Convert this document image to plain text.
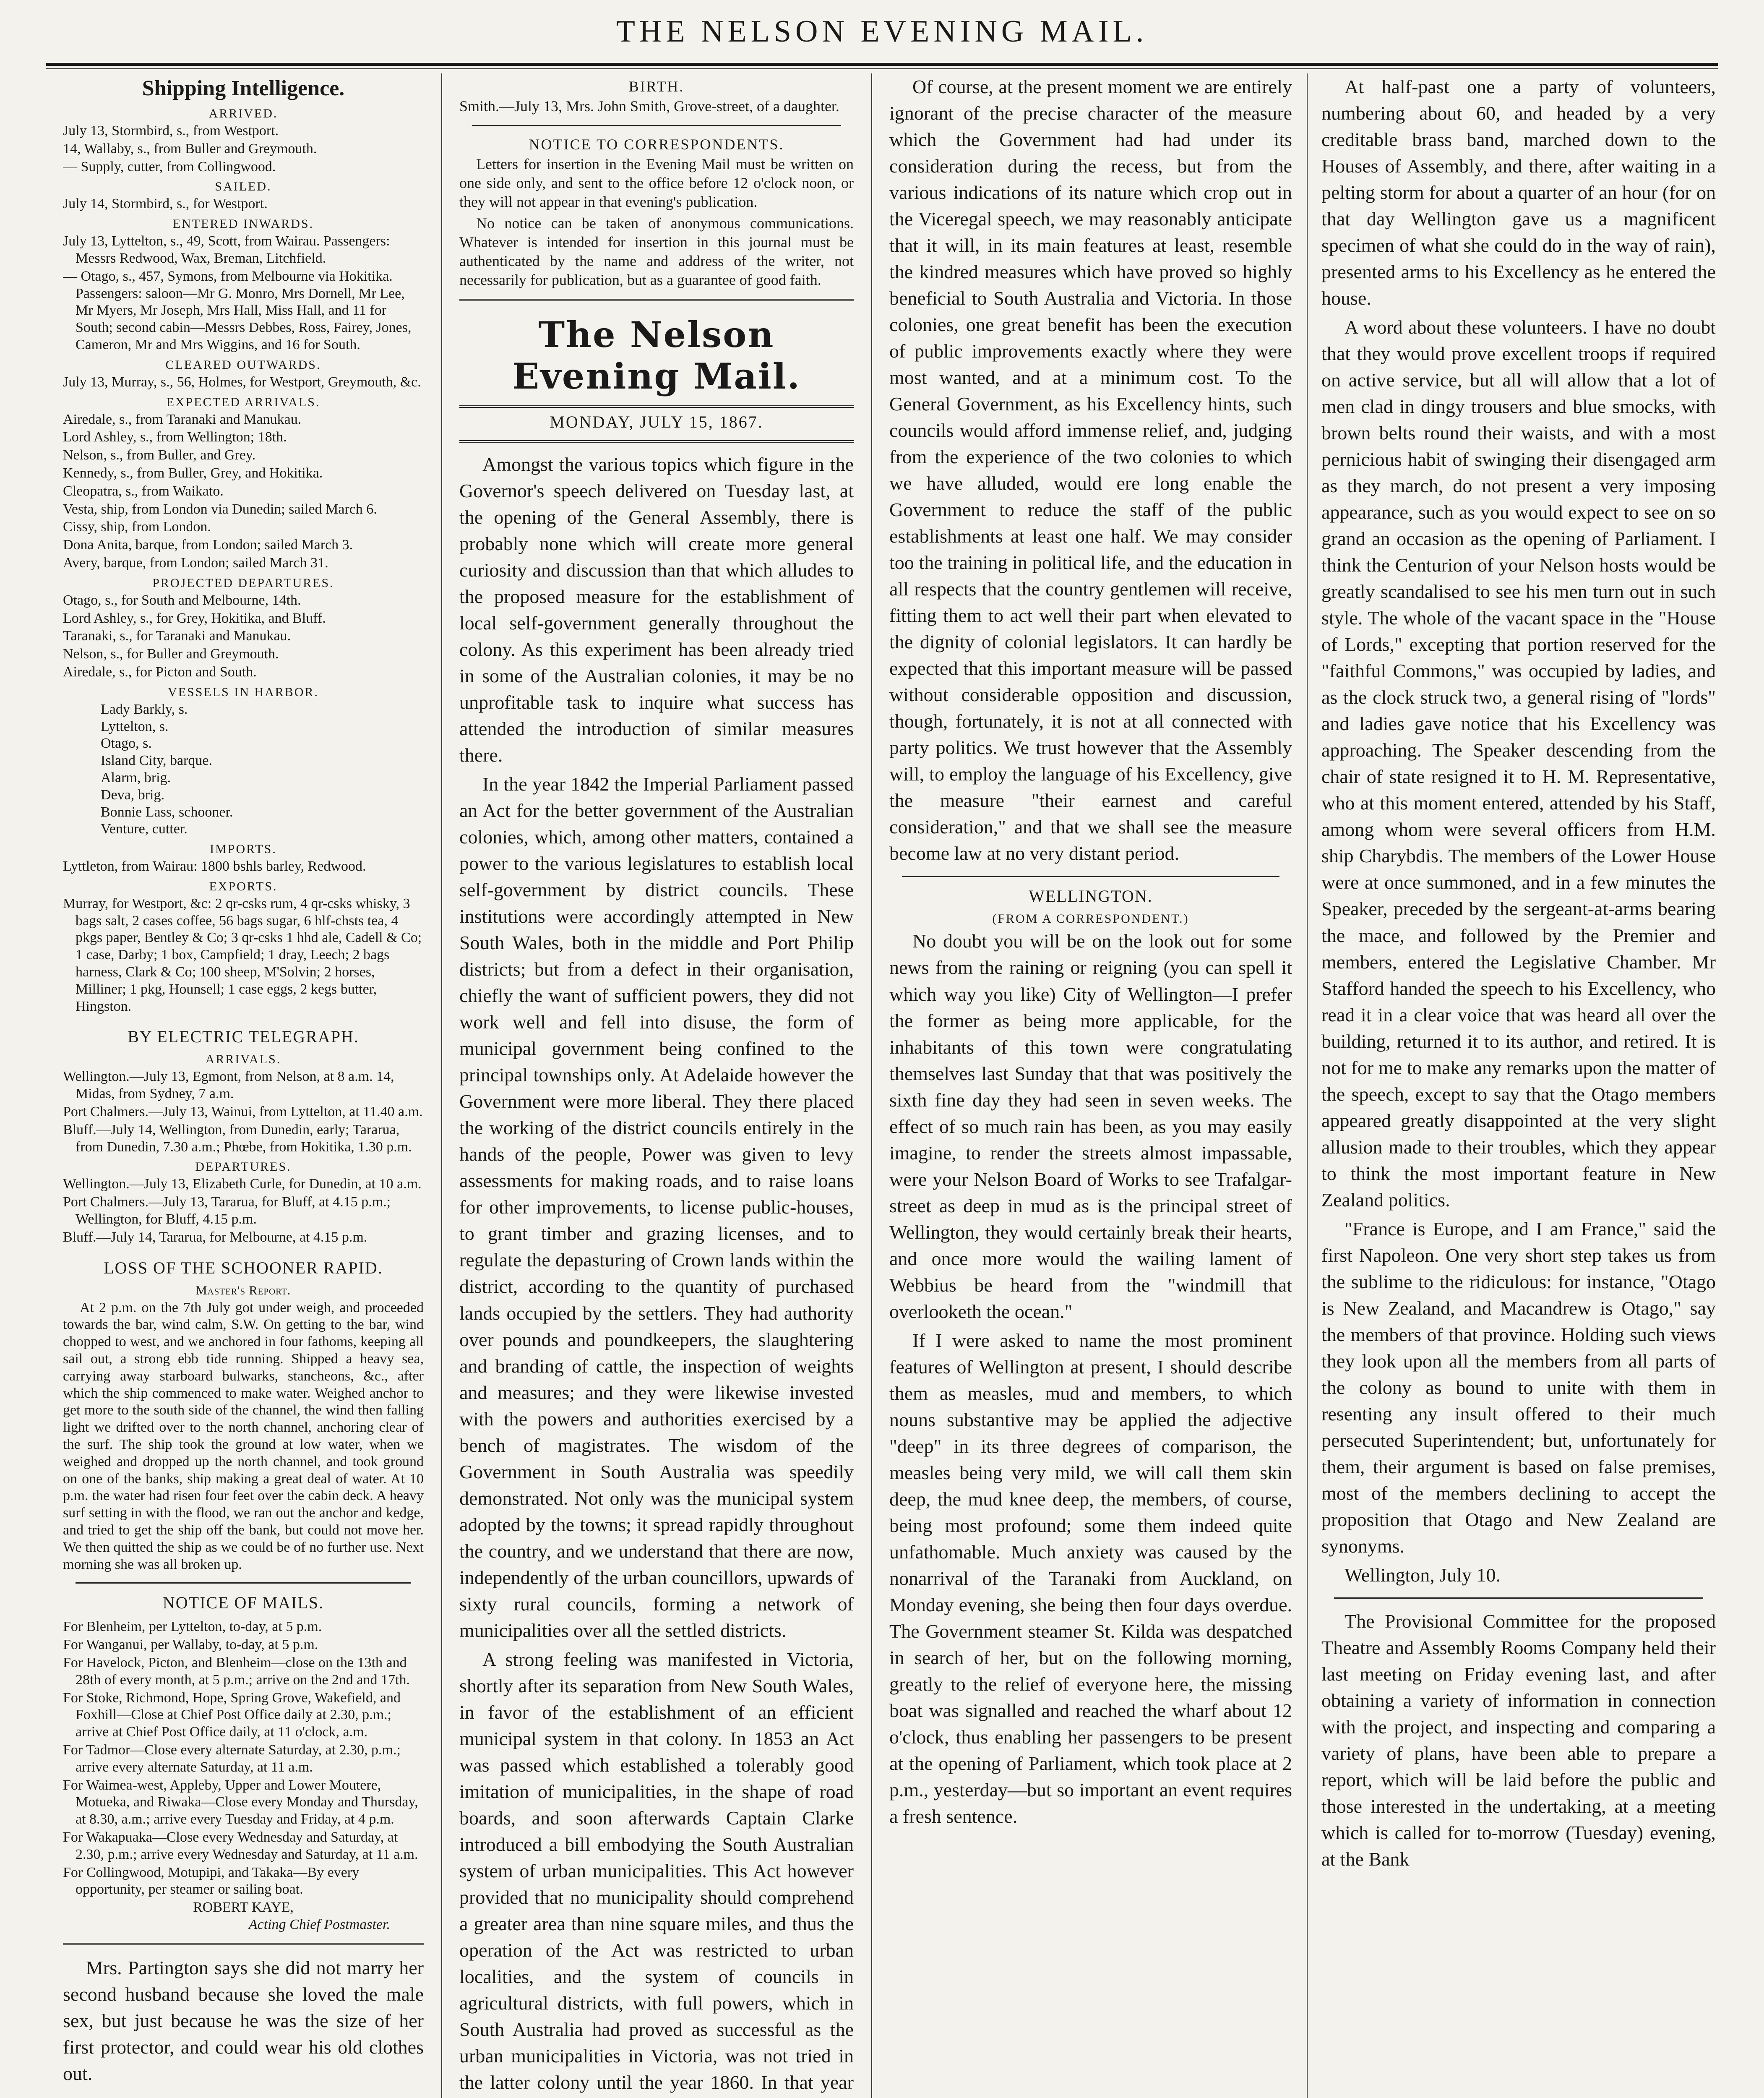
THE NELSON EVENING MAIL.
Shipping Intelligence.
ARRIVED.

July 13, Stormbird, s., from Westport.

14, Wallaby, s., from Buller and Greymouth.

— Supply, cutter, from Collingwood.

SAILED.

July 14, Stormbird, s., for Westport.

ENTERED INWARDS.

July 13, Lyttelton, s., 49, Scott, from Wairau. Passengers: Messrs Redwood, Wax, Breman, Litchfield.

— Otago, s., 457, Symons, from Melbourne via Hokitika. Passengers: saloon—Mr G. Monro, Mrs Dornell, Mr Lee, Mr Myers, Mr Joseph, Mrs Hall, Miss Hall, and 11 for South; second cabin—Messrs Debbes, Ross, Fairey, Jones, Cameron, Mr and Mrs Wiggins, and 16 for South.

CLEARED OUTWARDS.

July 13, Murray, s., 56, Holmes, for Westport, Greymouth, &c.

EXPECTED ARRIVALS.

Airedale, s., from Taranaki and Manukau.

Lord Ashley, s., from Wellington; 18th.

Nelson, s., from Buller, and Grey.

Kennedy, s., from Buller, Grey, and Hokitika.

Cleopatra, s., from Waikato.

Vesta, ship, from London via Dunedin; sailed March 6.

Cissy, ship, from London.

Dona Anita, barque, from London; sailed March 3.

Avery, barque, from London; sailed March 31.

PROJECTED DEPARTURES.

Otago, s., for South and Melbourne, 14th.

Lord Ashley, s., for Grey, Hokitika, and Bluff.

Taranaki, s., for Taranaki and Manukau.

Nelson, s., for Buller and Greymouth.

Airedale, s., for Picton and South.

VESSELS IN HARBOR.

Lady Barkly, s.

Lyttelton, s.

Otago, s.

Island City, barque.

Alarm, brig.

Deva, brig.

Bonnie Lass, schooner.

Venture, cutter.

IMPORTS.

Lyttleton, from Wairau: 1800 bshls barley, Redwood.

EXPORTS.

Murray, for Westport, &c: 2 qr-csks rum, 4 qr-csks whisky, 3 bags salt, 2 cases coffee, 56 bags sugar, 6 hlf-chsts tea, 4 pkgs paper, Bentley & Co; 3 qr-csks 1 hhd ale, Cadell & Co; 1 case, Darby; 1 box, Campfield; 1 dray, Leech; 2 bags harness, Clark & Co; 100 sheep, M'Solvin; 2 horses, Milliner; 1 pkg, Hounsell; 1 case eggs, 2 kegs butter, Hingston.

BY ELECTRIC TELEGRAPH.
ARRIVALS.

Wellington.—July 13, Egmont, from Nelson, at 8 a.m. 14, Midas, from Sydney, 7 a.m.

Port Chalmers.—July 13, Wainui, from Lyttelton, at 11.40 a.m.

Bluff.—July 14, Wellington, from Dunedin, early; Tararua, from Dunedin, 7.30 a.m.; Phœbe, from Hokitika, 1.30 p.m.

DEPARTURES.

Wellington.—July 13, Elizabeth Curle, for Dunedin, at 10 a.m.

Port Chalmers.—July 13, Tararua, for Bluff, at 4.15 p.m.; Wellington, for Bluff, 4.15 p.m.

Bluff.—July 14, Tararua, for Melbourne, at 4.15 p.m.

LOSS OF THE SCHOONER RAPID.
Master's Report.

At 2 p.m. on the 7th July got under weigh, and proceeded towards the bar, wind calm, S.W. On getting to the bar, wind chopped to west, and we anchored in four fathoms, keeping all sail out, a strong ebb tide running. Shipped a heavy sea, carrying away starboard bulwarks, stancheons, &c., after which the ship commenced to make water. Weighed anchor to get more to the south side of the channel, the wind then falling light we drifted over to the north channel, anchoring clear of the surf. The ship took the ground at low water, when we weighed and dropped up the north channel, and took ground on one of the banks, ship making a great deal of water. At 10 p.m. the water had risen four feet over the cabin deck. A heavy surf setting in with the flood, we ran out the anchor and kedge, and tried to get the ship off the bank, but could not move her. We then quitted the ship as we could be of no further use. Next morning she was all broken up.

NOTICE OF MAILS.

For Blenheim, per Lyttelton, to-day, at 5 p.m.

For Wanganui, per Wallaby, to-day, at 5 p.m.

For Havelock, Picton, and Blenheim—close on the 13th and 28th of every month, at 5 p.m.; arrive on the 2nd and 17th.

For Stoke, Richmond, Hope, Spring Grove, Wakefield, and Foxhill—Close at Chief Post Office daily at 2.30, p.m.; arrive at Chief Post Office daily, at 11 o'clock, a.m.

For Tadmor—Close every alternate Saturday, at 2.30, p.m.; arrive every alternate Saturday, at 11 a.m.

For Waimea-west, Appleby, Upper and Lower Moutere, Motueka, and Riwaka—Close every Monday and Thursday, at 8.30, a.m.; arrive every Tuesday and Friday, at 4 p.m.

For Wakapuaka—Close every Wednesday and Saturday, at 2.30, p.m.; arrive every Wednesday and Saturday, at 11 a.m.

For Collingwood, Motupipi, and Takaka—By every opportunity, per steamer or sailing boat.

ROBERT KAYE,
Acting Chief Postmaster.

Mrs. Partington says she did not marry her second husband because she loved the male sex, but just because he was the size of her first protector, and could wear his old clothes out.

BIRTH.

Smith.—July 13, Mrs. John Smith, Grove-street, of a daughter.

NOTICE TO CORRESPONDENTS.

Letters for insertion in the Evening Mail must be written on one side only, and sent to the office before 12 o'clock noon, or they will not appear in that evening's publication.

No notice can be taken of anonymous communications. Whatever is intended for insertion in this journal must be authenticated by the name and address of the writer, not necessarily for publication, but as a guarantee of good faith.

The Nelson Evening Mail.
MONDAY, JULY 15, 1867.

Amongst the various topics which figure in the Governor's speech delivered on Tuesday last, at the opening of the General Assembly, there is probably none which will create more general curiosity and discussion than that which alludes to the proposed measure for the establishment of local self-government generally throughout the colony. As this experiment has been already tried in some of the Australian colonies, it may be no unprofitable task to inquire what success has attended the introduction of similar measures there.

In the year 1842 the Imperial Parliament passed an Act for the better government of the Australian colonies, which, among other matters, contained a power to the various legislatures to establish local self-government by district councils. These institutions were accordingly attempted in New South Wales, both in the middle and Port Philip districts; but from a defect in their organisation, chiefly the want of sufficient powers, they did not work well and fell into disuse, the form of municipal government being confined to the principal townships only. At Adelaide however the Government were more liberal. They there placed the working of the district councils entirely in the hands of the people, Power was given to levy assessments for making roads, and to raise loans for other improvements, to license public-houses, to grant timber and grazing licenses, and to regulate the depasturing of Crown lands within the district, according to the quantity of purchased lands occupied by the settlers. They had authority over pounds and poundkeepers, the slaughtering and branding of cattle, the inspection of weights and measures; and they were likewise invested with the powers and authorities exercised by a bench of magistrates. The wisdom of the Government in South Australia was speedily demonstrated. Not only was the municipal system adopted by the towns; it spread rapidly throughout the country, and we understand that there are now, independently of the urban councillors, upwards of sixty rural councils, forming a network of municipalities over all the settled districts.

A strong feeling was manifested in Victoria, shortly after its separation from New South Wales, in favor of the establishment of an efficient municipal system in that colony. In 1853 an Act was passed which established a tolerably good imitation of municipalities, in the shape of road boards, and soon afterwards Captain Clarke introduced a bill embodying the South Australian system of urban municipalities. This Act however provided that no municipality should comprehend a greater area than nine square miles, and thus the operation of the Act was restricted to urban localities, and the system of councils in agricultural districts, with full powers, which in South Australia had proved as successful as the urban municipalities in Victoria, was not tried in the latter colony until the year 1860. In that year

Of course, at the present moment we are entirely ignorant of the precise character of the measure which the Government had had under its consideration during the recess, but from the various indications of its nature which crop out in the Viceregal speech, we may reasonably anticipate that it will, in its main features at least, resemble the kindred measures which have proved so highly beneficial to South Australia and Victoria. In those colonies, one great benefit has been the execution of public improvements exactly where they were most wanted, and at a minimum cost. To the General Government, as his Excellency hints, such councils would afford immense relief, and, judging from the experience of the two colonies to which we have alluded, would ere long enable the Government to reduce the staff of the public establishments at least one half. We may consider too the training in political life, and the education in all respects that the country gentlemen will receive, fitting them to act well their part when elevated to the dignity of colonial legislators. It can hardly be expected that this important measure will be passed without considerable opposition and discussion, though, fortunately, it is not at all connected with party politics. We trust however that the Assembly will, to employ the language of his Excellency, give the measure "their earnest and careful consideration," and that we shall see the measure become law at no very distant period.

WELLINGTON.
(FROM A CORRESPONDENT.)

No doubt you will be on the look out for some news from the raining or reigning (you can spell it which way you like) City of Wellington—I prefer the former as being more applicable, for the inhabitants of this town were congratulating themselves last Sunday that that was positively the sixth fine day they had seen in seven weeks. The effect of so much rain has been, as you may easily imagine, to render the streets almost impassable, were your Nelson Board of Works to see Trafalgar-street as deep in mud as is the principal street of Wellington, they would certainly break their hearts, and once more would the wailing lament of Webbius be heard from the "windmill that overlooketh the ocean."

If I were asked to name the most prominent features of Wellington at present, I should describe them as measles, mud and members, to which nouns substantive may be applied the adjective "deep" in its three degrees of comparison, the measles being very mild, we will call them skin deep, the mud knee deep, the members, of course, being most profound; some them indeed quite unfathomable. Much anxiety was caused by the nonarrival of the Taranaki from Auckland, on Monday evening, she being then four days overdue. The Government steamer St. Kilda was despatched in search of her, but on the following morning, greatly to the relief of everyone here, the missing boat was signalled and reached the wharf about 12 o'clock, thus enabling her passengers to be present at the opening of Parliament, which took place at 2 p.m., yesterday—but so important an event requires a fresh sentence.

At half-past one a party of volunteers, numbering about 60, and headed by a very creditable brass band, marched down to the Houses of Assembly, and there, after waiting in a pelting storm for about a quarter of an hour (for on that day Wellington gave us a magnificent specimen of what she could do in the way of rain), presented arms to his Excellency as he entered the house.

A word about these volunteers. I have no doubt that they would prove excellent troops if required on active service, but all will allow that a lot of men clad in dingy trousers and blue smocks, with brown belts round their waists, and with a most pernicious habit of swinging their disengaged arm as they march, do not present a very imposing appearance, such as you would expect to see on so grand an occasion as the opening of Parliament. I think the Centurion of your Nelson hosts would be greatly scandalised to see his men turn out in such style. The whole of the vacant space in the "House of Lords," excepting that portion reserved for the "faithful Commons," was occupied by ladies, and as the clock struck two, a general rising of "lords" and ladies gave notice that his Excellency was approaching. The Speaker descending from the chair of state resigned it to H. M. Representative, who at this moment entered, attended by his Staff, among whom were several officers from H.M. ship Charybdis. The members of the Lower House were at once summoned, and in a few minutes the Speaker, preceded by the sergeant-at-arms bearing the mace, and followed by the Premier and members, entered the Legislative Chamber. Mr Stafford handed the speech to his Excellency, who read it in a clear voice that was heard all over the building, returned it to its author, and retired. It is not for me to make any remarks upon the matter of the speech, except to say that the Otago members appeared greatly disappointed at the very slight allusion made to their troubles, which they appear to think the most important feature in New Zealand politics.

"France is Europe, and I am France," said the first Napoleon. One very short step takes us from the sublime to the ridiculous: for instance, "Otago is New Zealand, and Macandrew is Otago," say the members of that province. Holding such views they look upon all the members from all parts of the colony as bound to unite with them in resenting any insult offered to their much persecuted Superintendent; but, unfortunately for them, their argument is based on false premises, most of the members declining to accept the proposition that Otago and New Zealand are synonyms.

Wellington, July 10.

The Provisional Committee for the proposed Theatre and Assembly Rooms Company held their last meeting on Friday evening last, and after obtaining a variety of information in connection with the project, and inspecting and comparing a variety of plans, have been able to prepare a report, which will be laid before the public and those interested in the undertaking, at a meeting which is called for to-morrow (Tuesday) evening, at the Bank
